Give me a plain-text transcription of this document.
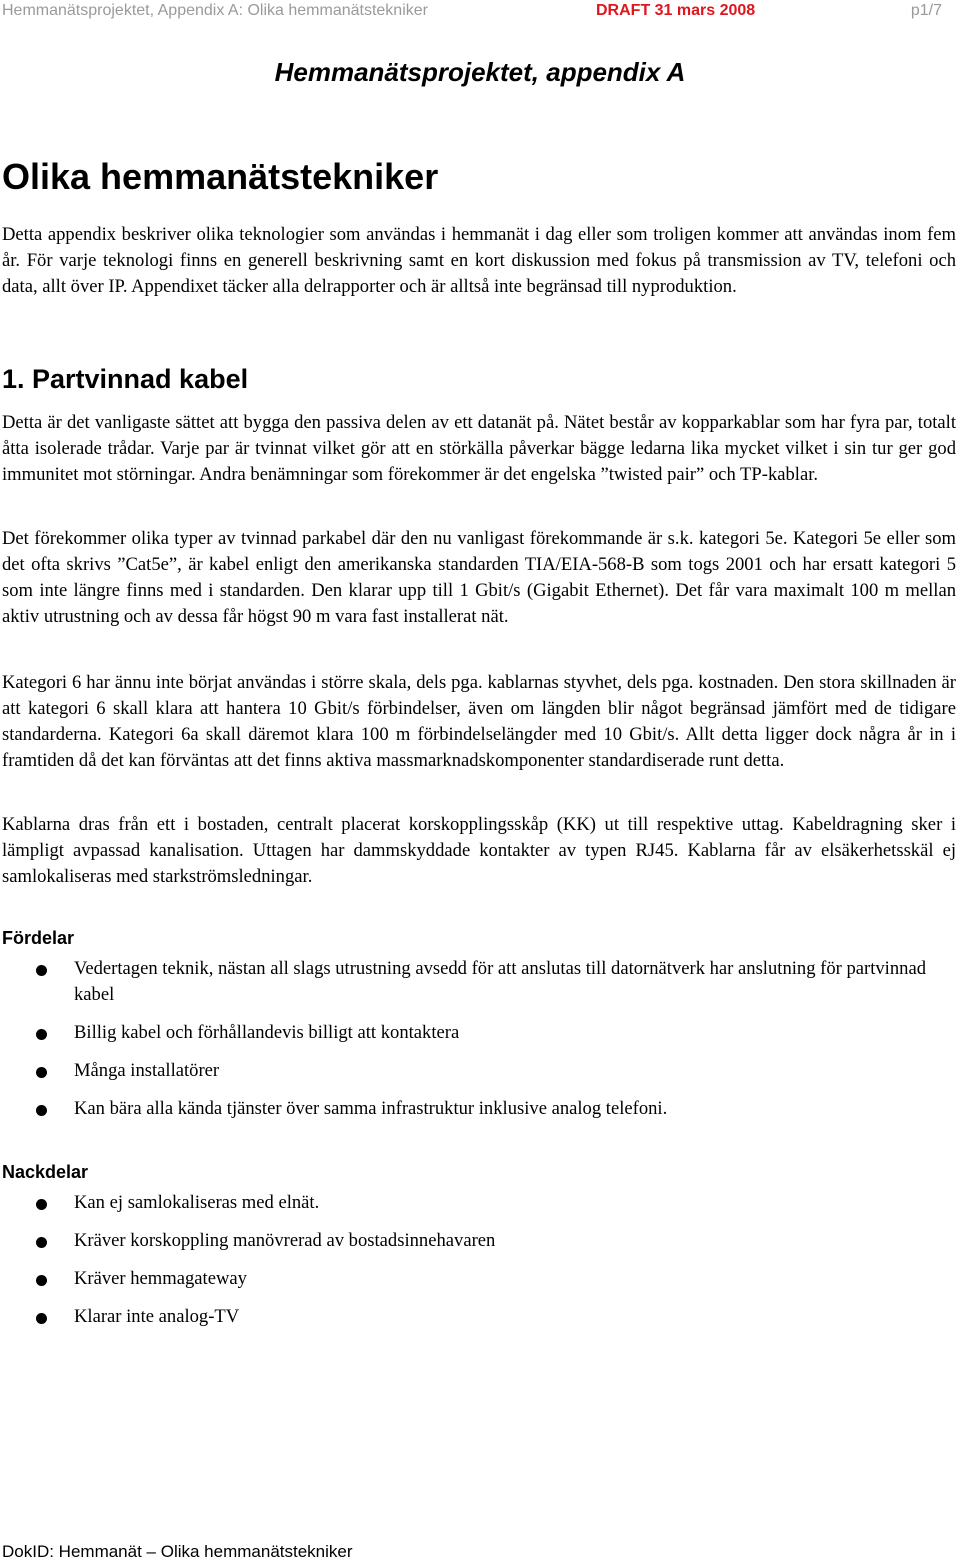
Hemmanätsprojektet, Appendix A: Olika hemmanätstekniker	DRAFT 31 mars 2008	p1/7
Hemmanätsprojektet, appendix A
Olika hemmanätstekniker

Detta appendix beskriver olika teknologier som användas i hemmanät i dag eller som troligen kommer att användas inom fem år. För varje teknologi finns en generell beskrivning samt en kort diskussion med fokus på transmission av TV, telefoni och data, allt över IP. Appendixet täcker alla delrapporter och är alltså inte begränsad till nyproduktion.

1. Partvinnad kabel

Detta är det vanligaste sättet att bygga den passiva delen av ett datanät på. Nätet består av kopparkablar som har fyra par, totalt åtta isolerade trådar. Varje par är tvinnat vilket gör att en störkälla påverkar bägge ledarna lika mycket vilket i sin tur ger god immunitet mot störningar. Andra benämningar som förekommer är det engelska ”twisted pair” och TP-kablar.

Det förekommer olika typer av tvinnad parkabel där den nu vanligast förekommande är s.k. kategori 5e. Kategori 5e eller som det ofta skrivs ”Cat5e”, är kabel enligt den amerikanska standarden TIA/EIA-568-B som togs 2001 och har ersatt kategori 5 som inte längre finns med i standarden. Den klarar upp till 1 Gbit/s (Gigabit Ethernet). Det får vara maximalt 100 m mellan aktiv utrustning och av dessa får högst 90 m vara fast installerat nät.

Kategori 6 har ännu inte börjat användas i större skala, dels pga. kablarnas styvhet, dels pga. kostnaden. Den stora skillnaden är att kategori 6 skall klara att hantera 10 Gbit/s förbindelser, även om längden blir något begränsad jämfört med de tidigare standarderna. Kategori 6a skall däremot klara 100 m förbindelselängder med 10 Gbit/s. Allt detta ligger dock några år in i framtiden då det kan förväntas att det finns aktiva massmarknadskomponenter standardiserade runt detta.

Kablarna dras från ett i bostaden, centralt placerat korskopplingsskåp (KK) ut till respektive uttag. Kabeldragning sker i lämpligt avpassad kanalisation. Uttagen har dammskyddade kontakter av typen RJ45. Kablarna får av elsäkerhetsskäl ej samlokaliseras med starkströmsledningar.

Fördelar
Vedertagen teknik, nästan all slags utrustning avsedd för att anslutas till datornätverk har anslutning för partvinnad kabel
Billig kabel och förhållandevis billigt att kontaktera
Många installatörer
Kan bära alla kända tjänster över samma infrastruktur inklusive analog telefoni.
Nackdelar
Kan ej samlokaliseras med elnät.
Kräver korskoppling manövrerad av bostadsinnehavaren
Kräver hemmagateway
Klarar inte analog-TV
DokID: Hemmanät – Olika hemmanätstekniker
